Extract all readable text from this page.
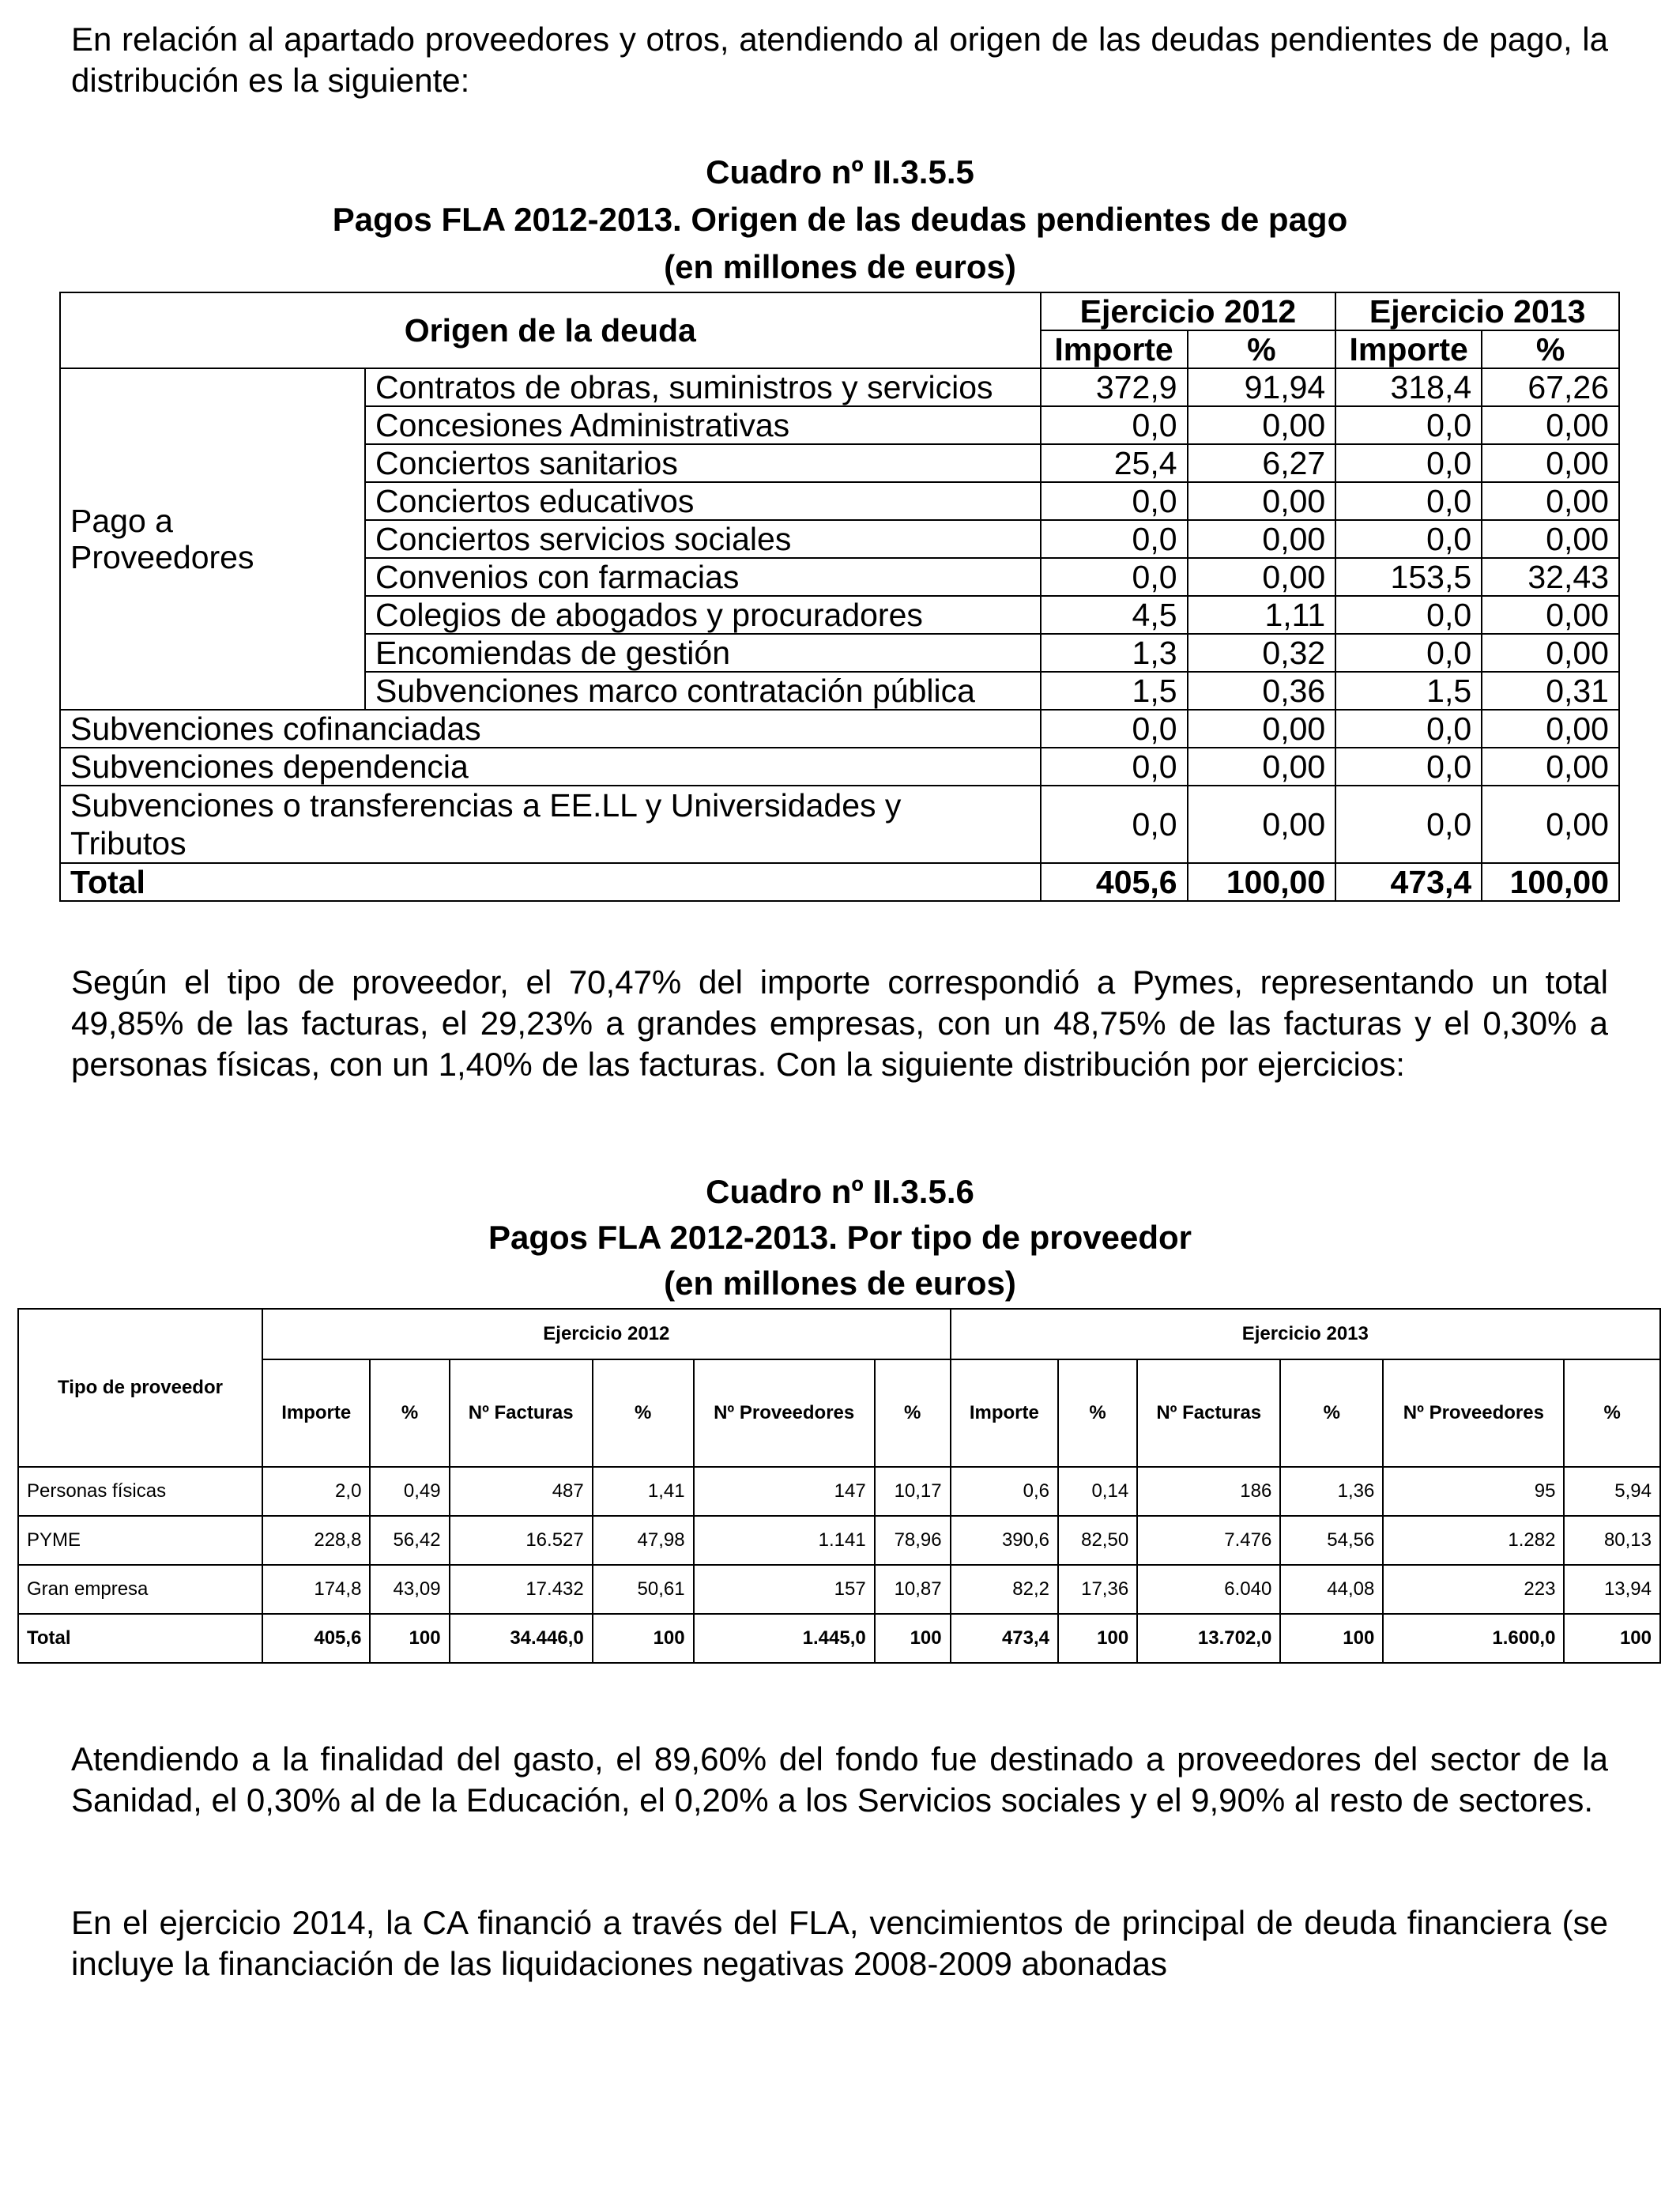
En relación al apartado proveedores y otros, atendiendo al origen de las deudas pendientes de pago, la distribución es la siguiente:

Cuadro nº II.3.5.5

Pagos FLA 2012-2013. Origen de las deudas pendientes de pago

(en millones de euros)

Origen de la deuda		Ejercicio 2012		Ejercicio 2013	
		Importe	%	Importe	%

Pago a
Proveedores	Contratos de obras, suministros y servicios	372,9	91,94	318,4	67,26
	Concesiones Administrativas	0,0	0,00	0,0	0,00
	Conciertos sanitarios	25,4	6,27	0,0	0,00
	Conciertos educativos	0,0	0,00	0,0	0,00
	Conciertos servicios sociales	0,0	0,00	0,0	0,00
	Convenios con farmacias	0,0	0,00	153,5	32,43
	Colegios de abogados y procuradores	4,5	1,11	0,0	0,00
	Encomiendas de gestión	1,3	0,32	0,0	0,00
	Subvenciones marco contratación pública	1,5	0,36	1,5	0,31
Subvenciones cofinanciadas		0,0	0,00	0,0	0,00
Subvenciones dependencia		0,0	0,00	0,0	0,00
Subvenciones o transferencias a EE.LL y Universidades y Tributos		0,0	0,00	0,0	0,00
Total		405,6	100,00	473,4	100,00

Según el tipo de proveedor, el 70,47% del importe correspondió a Pymes, representando un total 49,85% de las facturas, el 29,23% a grandes empresas, con un 48,75% de las facturas y el 0,30% a personas físicas, con un 1,40% de las facturas. Con la siguiente distribución por ejercicios:

Cuadro nº II.3.5.6

Pagos FLA 2012-2013. Por tipo de proveedor

(en millones de euros)

Tipo de proveedor	Ejercicio 2012						Ejercicio 2013					
	Importe	%	Nº Facturas	%	Nº Proveedores	%	Importe	%	Nº Facturas	%	Nº Proveedores	%
Personas físicas	2,0	0,49	487	1,41	147	10,17	0,6	0,14	186	1,36	95	5,94
PYME	228,8	56,42	16.527	47,98	1.141	78,96	390,6	82,50	7.476	54,56	1.282	80,13
Gran empresa	174,8	43,09	17.432	50,61	157	10,87	82,2	17,36	6.040	44,08	223	13,94
Total	405,6	100	34.446,0	100	1.445,0	100	473,4	100	13.702,0	100	1.600,0	100

Atendiendo a la finalidad del gasto, el 89,60% del fondo fue destinado a proveedores del sector de la Sanidad, el 0,30% al de la Educación, el 0,20% a los Servicios sociales y el 9,90% al resto de sectores.

En el ejercicio 2014, la CA financió a través del FLA, vencimientos de principal de deuda financiera (se incluye la financiación de las liquidaciones negativas 2008-2009 abonadas
